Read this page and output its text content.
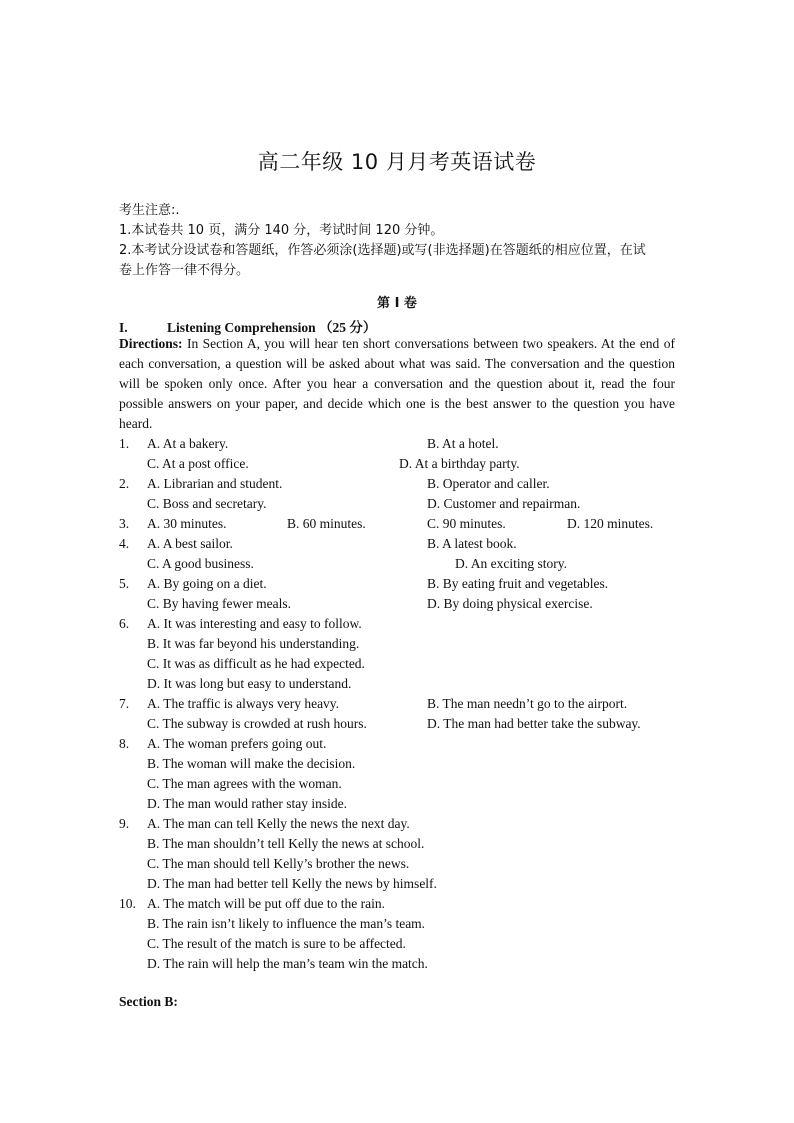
高二年级 10 月月考英语试卷
考生注意:.
1.本试卷共 10 页，满分 140 分，考试时间 120 分钟。
2.本考试分设试卷和答题纸，作答必须涂(选择题)或写(非选择题)在答题纸的相应位置，在试
卷上作答一律不得分。
第 I 卷
I.	Listening Comprehension （25 分）
Directions: In Section A, you will hear ten short conversations between two speakers. At the end of each conversation, a question will be asked about what was said. The conversation and the question will be spoken only once. After you hear a conversation and the question about it, read the four possible answers on your paper, and decide which one is the best answer to the question you have heard.
1. A. At a bakery.	B. At a hotel.
C. At a post office.	D. At a birthday party.
2. A. Librarian and student.	B. Operator and caller.
C. Boss and secretary.	D. Customer and repairman.
3. A. 30 minutes.	B. 60 minutes.	C. 90 minutes.	D. 120 minutes.
4. A. A best sailor.	B. A latest book.
C. A good business.	D. An exciting story.
5. A. By going on a diet.	B. By eating fruit and vegetables.
C. By having fewer meals.	D. By doing physical exercise.
6. A. It was interesting and easy to follow.
B. It was far beyond his understanding.
C. It was as difficult as he had expected.
D. It was long but easy to understand.
7. A. The traffic is always very heavy.	B. The man needn’t go to the airport.
C. The subway is crowded at rush hours.	D. The man had better take the subway.
8. A. The woman prefers going out.
B. The woman will make the decision.
C. The man agrees with the woman.
D. The man would rather stay inside.
9. A. The man can tell Kelly the news the next day.
B. The man shouldn’t tell Kelly the news at school.
C. The man should tell Kelly’s brother the news.
D. The man had better tell Kelly the news by himself.
10. A. The match will be put off due to the rain.
B. The rain isn’t likely to influence the man’s team.
C. The result of the match is sure to be affected.
D. The rain will help the man’s team win the match.
Section B:
